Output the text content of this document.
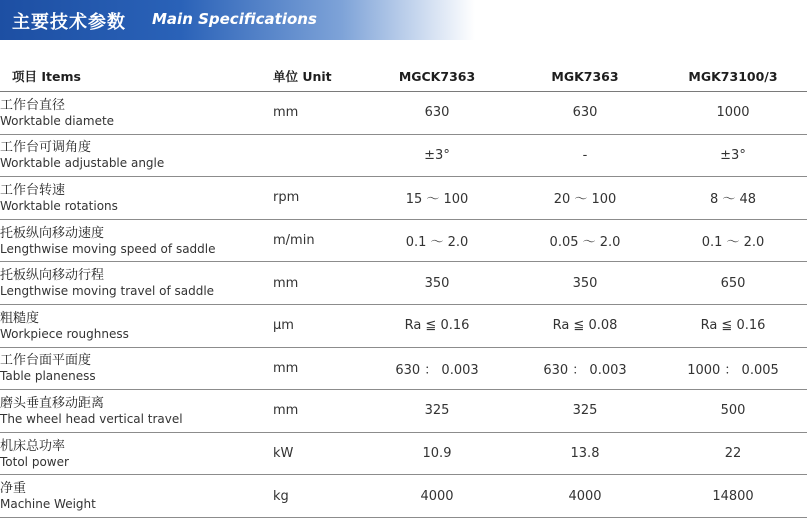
主要技术参数 Main Specifications
项目 Items	单位 Unit	MGCK7363	MGK7363	MGK73100/3

工作台直径
Worktable diamete	mm	630	630	1000

工作台可调角度
Worktable adjustable angle		±3°	-	±3°

工作台转速
Worktable rotations	rpm	15 ～ 100	20 ～ 100	8 ～ 48

托板纵向移动速度
Lengthwise moving speed of saddle	m/min	0.1 ～ 2.0	0.05 ～ 2.0	0.1 ～ 2.0

托板纵向移动行程
Lengthwise moving travel of saddle	mm	350	350	650

粗糙度
Workpiece roughness	μm	Ra ≦ 0.16	Ra ≦ 0.08	Ra ≦ 0.16

工作台面平面度
Table planeness	mm	630 ： 0.003	630 ： 0.003	1000 ： 0.005

磨头垂直移动距离
The wheel head vertical travel	mm	325	325	500

机床总功率
Totol power	kW	10.9	13.8	22

净重
Machine Weight	kg	4000	4000	14800
